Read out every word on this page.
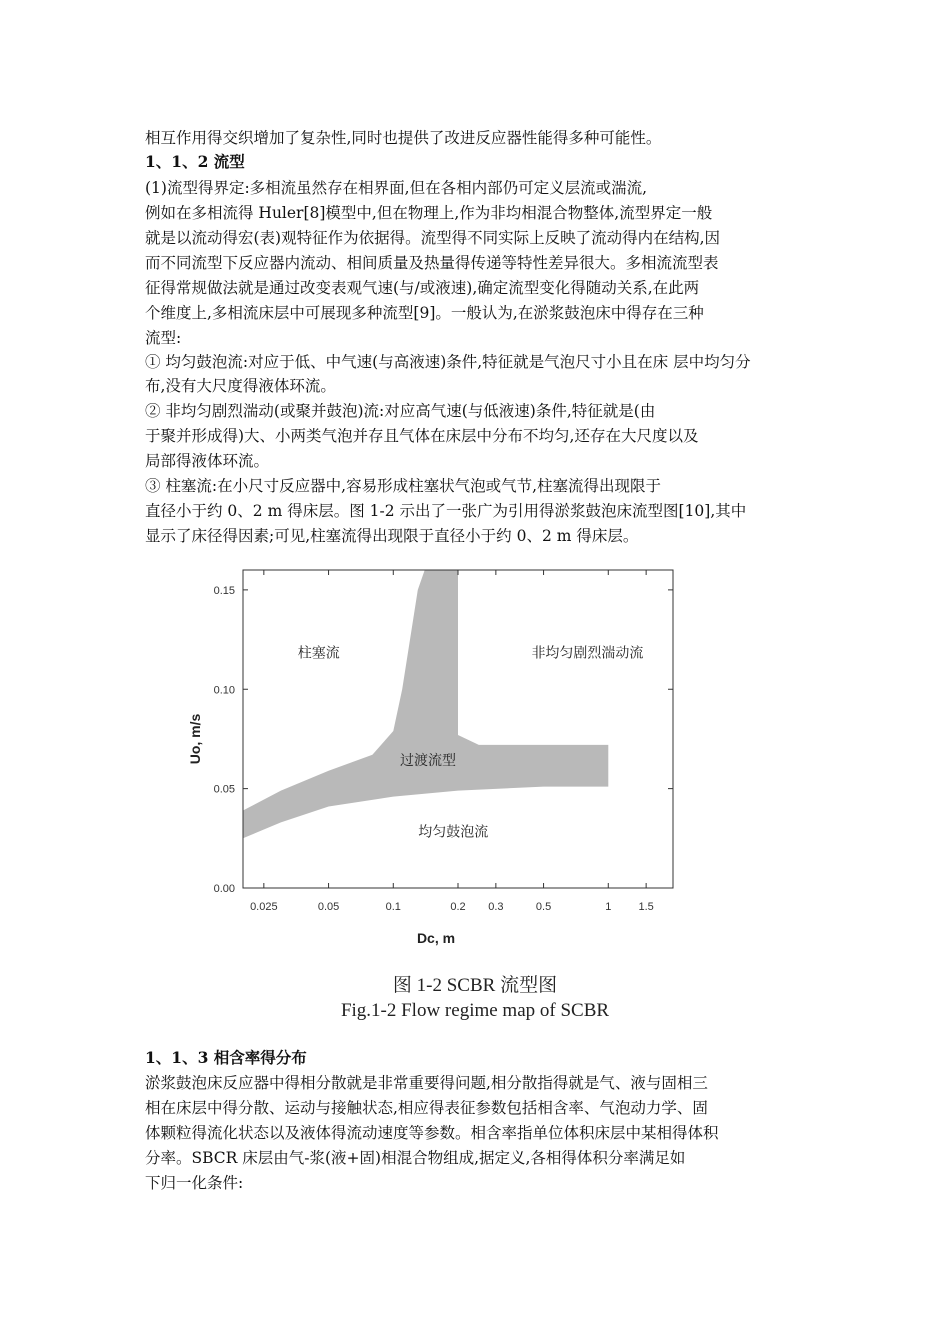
相互作用得交织增加了复杂性,同时也提供了改进反应器性能得多种可能性。
1、1、2 流型
(1)流型得界定:多相流虽然存在相界面,但在各相内部仍可定义层流或湍流,
例如在多相流得 Huler[8]模型中,但在物理上,作为非均相混合物整体,流型界定一般
就是以流动得宏(表)观特征作为依据得。流型得不同实际上反映了流动得内在结构,因
而不同流型下反应器内流动、相间质量及热量得传递等特性差异很大。多相流流型表
征得常规做法就是通过改变表观气速(与/或液速),确定流型变化得随动关系,在此两
个维度上,多相流床层中可展现多种流型[9]。一般认为,在淤浆鼓泡床中得存在三种
流型:
① 均匀鼓泡流:对应于低、中气速(与高液速)条件,特征就是气泡尺寸小且在床 层中均匀分
布,没有大尺度得液体环流。
② 非均匀剧烈湍动(或聚并鼓泡)流:对应高气速(与低液速)条件,特征就是(由
于聚并形成得)大、小两类气泡并存且气体在床层中分布不均匀,还存在大尺度以及
局部得液体环流。
③ 柱塞流:在小尺寸反应器中,容易形成柱塞状气泡或气节,柱塞流得出现限于
直径小于约 0、2 m 得床层。图 1-2 示出了一张广为引用得淤浆鼓泡床流型图[10],其中
显示了床径得因素;可见,柱塞流得出现限于直径小于约 0、2 m 得床层。
0.025	0.05	0.1	0.2 0.3	0.5	1 1.5
0.00
0.05
0.10
0.15
Dc, m
Uo, m/s
柱塞流	非均匀剧烈湍动流
过渡流型
均匀鼓泡流
图 1-2 SCBR 流型图
Fig.1-2 Flow regime map of SCBR
1、1、3 相含率得分布
淤浆鼓泡床反应器中得相分散就是非常重要得问题,相分散指得就是气、液与固相三
相在床层中得分散、运动与接触状态,相应得表征参数包括相含率、气泡动力学、固
体颗粒得流化状态以及液体得流动速度等参数。相含率指单位体积床层中某相得体积
分率。SBCR 床层由气-浆(液+固)相混合物组成,据定义,各相得体积分率满足如
下归一化条件:
